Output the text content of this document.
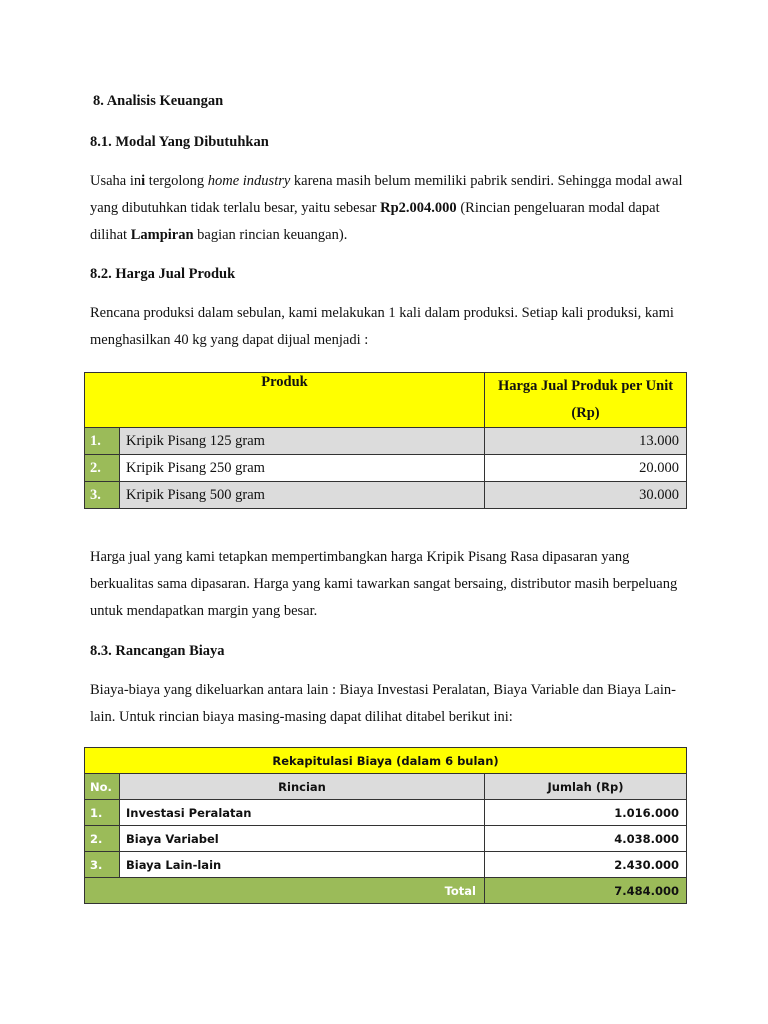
8. Analisis Keuangan
8.1. Modal Yang Dibutuhkan
Usaha ini tergolong home industry karena masih belum memiliki pabrik sendiri. Sehingga modal awal yang dibutuhkan tidak terlalu besar, yaitu sebesar Rp2.004.000 (Rincian pengeluaran modal dapat dilihat Lampiran bagian rincian keuangan).
8.2. Harga Jual Produk
Rencana produksi dalam sebulan, kami melakukan 1 kali dalam produksi. Setiap kali produksi, kami menghasilkan 40 kg yang dapat dijual menjadi :
Produk		Harga Jual Produk per Unit (Rp)
1.	Kripik Pisang 125 gram	13.000
2.	Kripik Pisang 250 gram	20.000
3.	Kripik Pisang 500 gram	30.000
Harga jual yang kami tetapkan mempertimbangkan harga Kripik Pisang Rasa dipasaran yang berkualitas sama dipasaran. Harga yang kami tawarkan sangat bersaing, distributor masih berpeluang untuk mendapatkan margin yang besar.
8.3. Rancangan Biaya
Biaya-biaya yang dikeluarkan antara lain : Biaya Investasi Peralatan, Biaya Variable dan Biaya Lain-lain. Untuk rincian biaya masing-masing dapat dilihat ditabel berikut ini:
Rekapitulasi Biaya (dalam 6 bulan)		
No.	Rincian	Jumlah (Rp)
1.	Investasi Peralatan	1.016.000
2.	Biaya Variabel	4.038.000
3.	Biaya Lain-lain	2.430.000
Total		7.484.000
